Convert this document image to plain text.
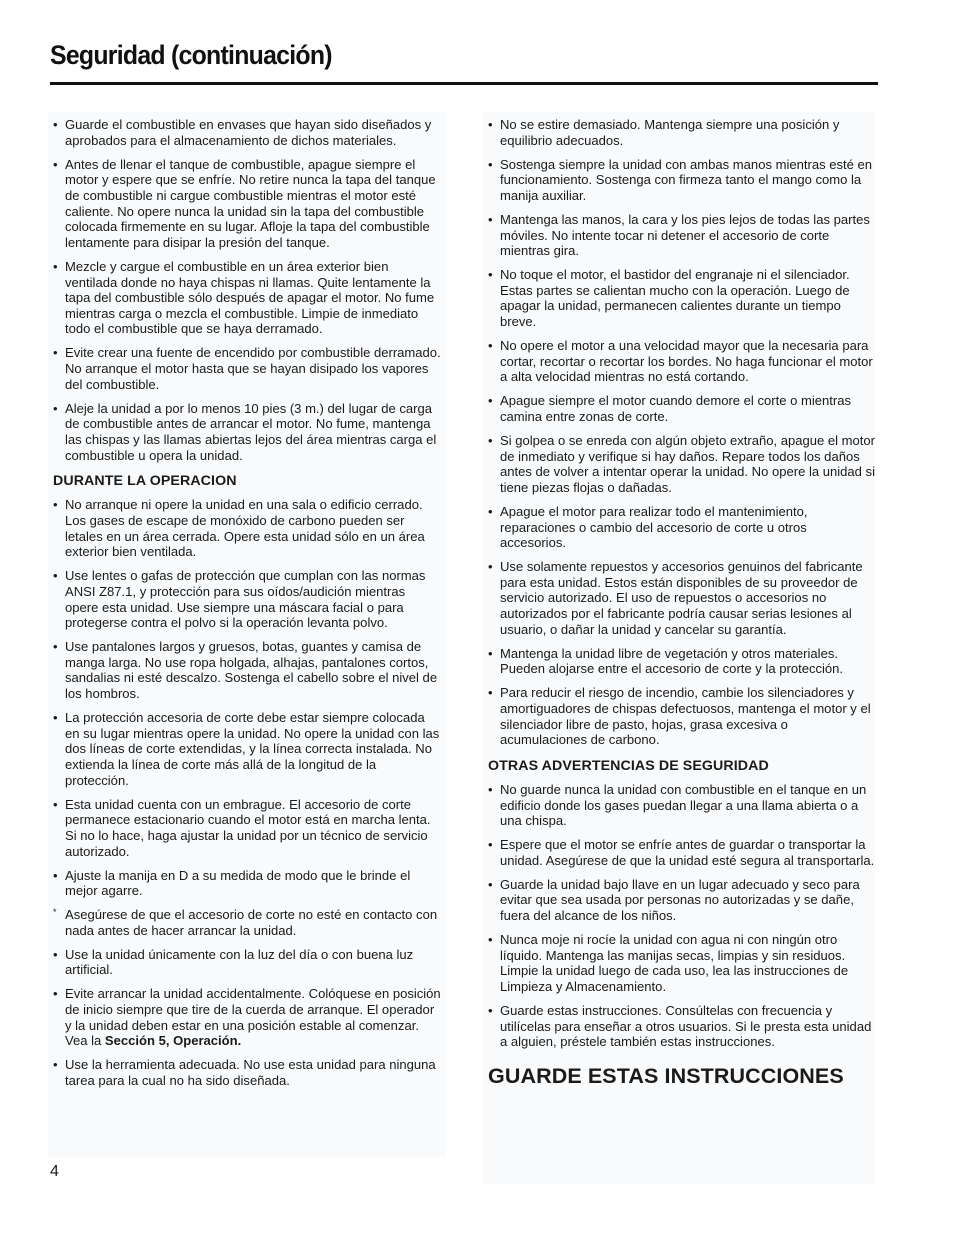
Seguridad (continuación)
• Guarde el combustible en envases que hayan sido diseñados y aprobados para el almacenamiento de dichos materiales.
• Antes de llenar el tanque de combustible, apague siempre el motor y espere que se enfríe. No retire nunca la tapa del tanque de combustible ni cargue combustible mientras el motor esté caliente. No opere nunca la unidad sin la tapa del combustible colocada firmemente en su lugar. Afloje la tapa del combustible lentamente para disipar la presión del tanque.
• Mezcle y cargue el combustible en un área exterior bien ventilada donde no haya chispas ni llamas. Quite lentamente la tapa del combustible sólo después de apagar el motor. No fume mientras carga o mezcla el combustible. Limpie de inmediato todo el combustible que se haya derramado.
• Evite crear una fuente de encendido por combustible derramado. No arranque el motor hasta que se hayan disipado los vapores del combustible.
• Aleje la unidad a por lo menos 10 pies (3 m.) del lugar de carga de combustible antes de arrancar el motor. No fume, mantenga las chispas y las llamas abiertas lejos del área mientras carga el combustible u opera la unidad.
DURANTE LA OPERACION
• No arranque ni opere la unidad en una sala o edificio cerrado. Los gases de escape de monóxido de carbono pueden ser letales en un área cerrada. Opere esta unidad sólo en un área exterior bien ventilada.
• Use lentes o gafas de protección que cumplan con las normas ANSI Z87.1, y protección para sus oídos/audición mientras opere esta unidad. Use siempre una máscara facial o para protegerse contra el polvo si la operación levanta polvo.
• Use pantalones largos y gruesos, botas, guantes y camisa de manga larga. No use ropa holgada, alhajas, pantalones cortos, sandalias ni esté descalzo. Sostenga el cabello sobre el nivel de los hombros.
• La protección accesoria de corte debe estar siempre colocada en su lugar mientras opere la unidad. No opere la unidad con las dos líneas de corte extendidas, y la línea correcta instalada. No extienda la línea de corte más allá de la longitud de la protección.
• Esta unidad cuenta con un embrague. El accesorio de corte permanece estacionario cuando el motor está en marcha lenta. Si no lo hace, haga ajustar la unidad por un técnico de servicio autorizado.
• Ajuste la manija en D a su medida de modo que le brinde el mejor agarre.
* Asegúrese de que el accesorio de corte no esté en contacto con nada antes de hacer arrancar la unidad.
• Use la unidad únicamente con la luz del día o con buena luz artificial.
• Evite arrancar la unidad accidentalmente. Colóquese en posición de inicio siempre que tire de la cuerda de arranque. El operador y la unidad deben estar en una posición estable al comenzar. Vea la Sección 5, Operación.
• Use la herramienta adecuada. No use esta unidad para ninguna tarea para la cual no ha sido diseñada.
• No se estire demasiado. Mantenga siempre una posición y equilibrio adecuados.
• Sostenga siempre la unidad con ambas manos mientras esté en funcionamiento. Sostenga con firmeza tanto el mango como la manija auxiliar.
• Mantenga las manos, la cara y los pies lejos de todas las partes móviles. No intente tocar ni detener el accesorio de corte mientras gira.
• No toque el motor, el bastidor del engranaje ni el silenciador. Estas partes se calientan mucho con la operación. Luego de apagar la unidad, permanecen calientes durante un tiempo breve.
• No opere el motor a una velocidad mayor que la necesaria para cortar, recortar o recortar los bordes. No haga funcionar el motor a alta velocidad mientras no está cortando.
• Apague siempre el motor cuando demore el corte o mientras camina entre zonas de corte.
• Si golpea o se enreda con algún objeto extraño, apague el motor de inmediato y verifique si hay daños. Repare todos los daños antes de volver a intentar operar la unidad. No opere la unidad si tiene piezas flojas o dañadas.
• Apague el motor para realizar todo el mantenimiento, reparaciones o cambio del accesorio de corte u otros accesorios.
• Use solamente repuestos y accesorios genuinos del fabricante para esta unidad. Estos están disponibles de su proveedor de servicio autorizado. El uso de repuestos o accesorios no autorizados por el fabricante podría causar serias lesiones al usuario, o dañar la unidad y cancelar su garantía.
• Mantenga la unidad libre de vegetación y otros materiales. Pueden alojarse entre el accesorio de corte y la protección.
• Para reducir el riesgo de incendio, cambie los silenciadores y amortiguadores de chispas defectuosos, mantenga el motor y el silenciador libre de pasto, hojas, grasa excesiva o acumulaciones de carbono.
OTRAS ADVERTENCIAS DE SEGURIDAD
• No guarde nunca la unidad con combustible en el tanque en un edificio donde los gases puedan llegar a una llama abierta o a una chispa.
• Espere que el motor se enfríe antes de guardar o transportar la unidad. Asegúrese de que la unidad esté segura al transportarla.
• Guarde la unidad bajo llave en un lugar adecuado y seco para evitar que sea usada por personas no autorizadas y se dañe, fuera del alcance de los niños.
• Nunca moje ni rocíe la unidad con agua ni con ningún otro líquido. Mantenga las manijas secas, limpias y sin residuos. Limpie la unidad luego de cada uso, lea las instrucciones de Limpieza y Almacenamiento.
• Guarde estas instrucciones. Consúltelas con frecuencia y utilícelas para enseñar a otros usuarios. Si le presta esta unidad a alguien, préstele también estas instrucciones.
GUARDE ESTAS INSTRUCCIONES
4
